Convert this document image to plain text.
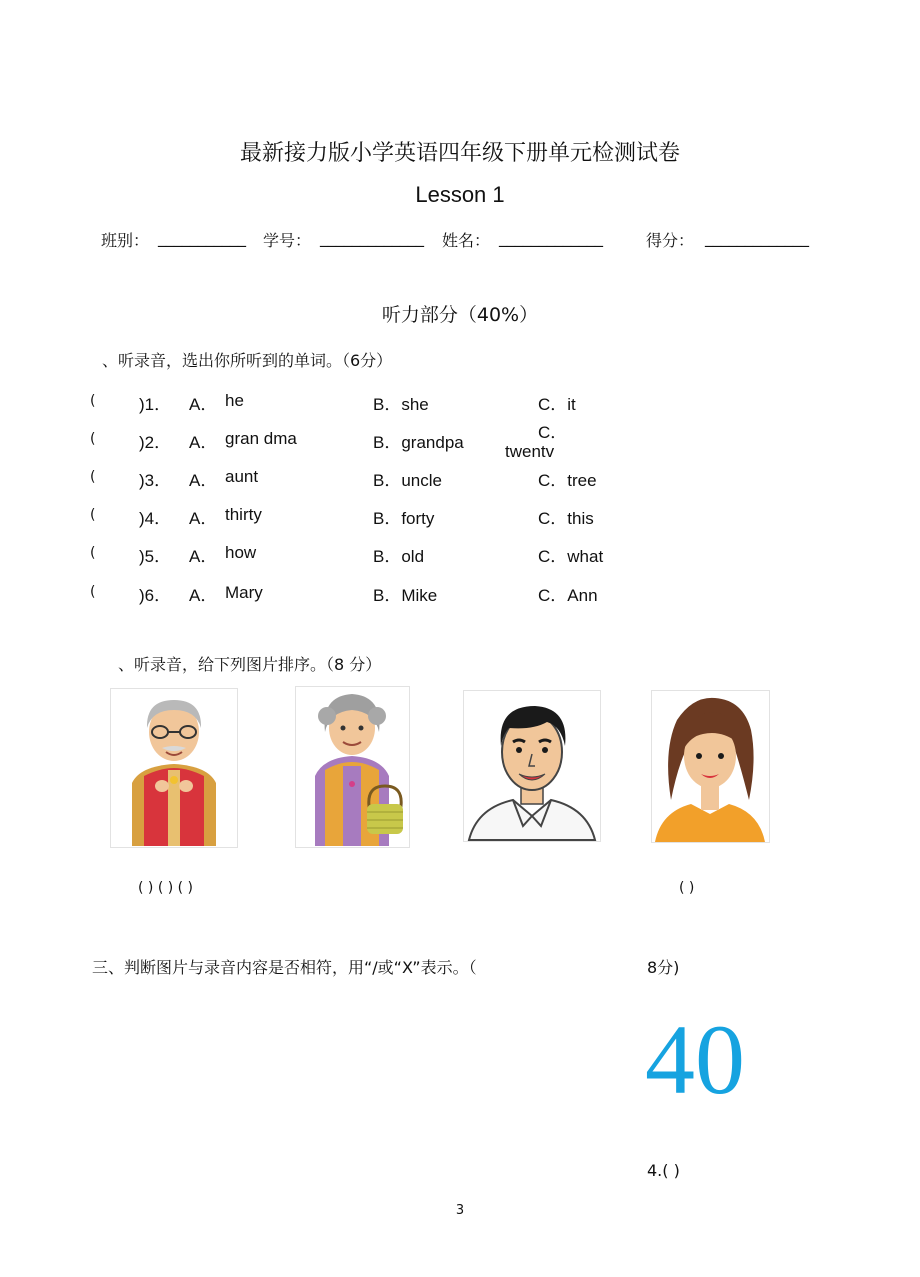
最新接力版小学英语四年级下册单元检测试卷
Lesson 1
班别： ___________ 学号： _____________ 姓名： _____________	得分： _____________
听力部分（40%）
、听录音，选出你所听到的单词。（6分）
(	)1． A． he	B．she	C．it
(	)2． A． gran dma	B．grandpa
C．
twentv
(	)3． A． aunt	B．uncle	C．tree
(	)4． A． thirty	B．forty	C．this
(	)5． A． how	B．old	C．what
(	)6． A． Mary	B．Mike	C．Ann
、听录音，给下列图片排序。（8 分）
( ) ( ) ( )	( )
三、判断图片与录音内容是否相符，用“/或“X”表示。（	8分)
40
4.( )
3
